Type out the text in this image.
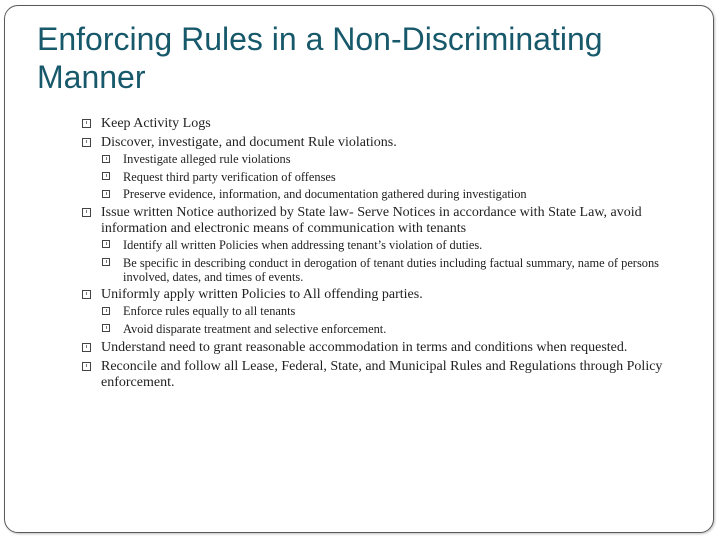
Enforcing Rules in a Non-Discriminating Manner
Keep Activity Logs
Discover, investigate, and document Rule violations.
Investigate alleged rule violations
Request third party verification of offenses
Preserve evidence, information, and documentation gathered during investigation
Issue written Notice authorized by State law- Serve Notices in accordance with State Law, avoid information and electronic means of communication with tenants
Identify all written Policies when addressing tenant’s violation of duties.
Be specific in describing conduct in derogation of tenant duties including factual summary, name of persons involved, dates, and times of events.
Uniformly apply written Policies to All offending parties.
Enforce rules equally to all tenants
Avoid disparate treatment and selective enforcement.
Understand need to grant reasonable accommodation in terms and conditions when requested.
Reconcile and follow all Lease, Federal, State, and Municipal Rules and Regulations through Policy enforcement.
